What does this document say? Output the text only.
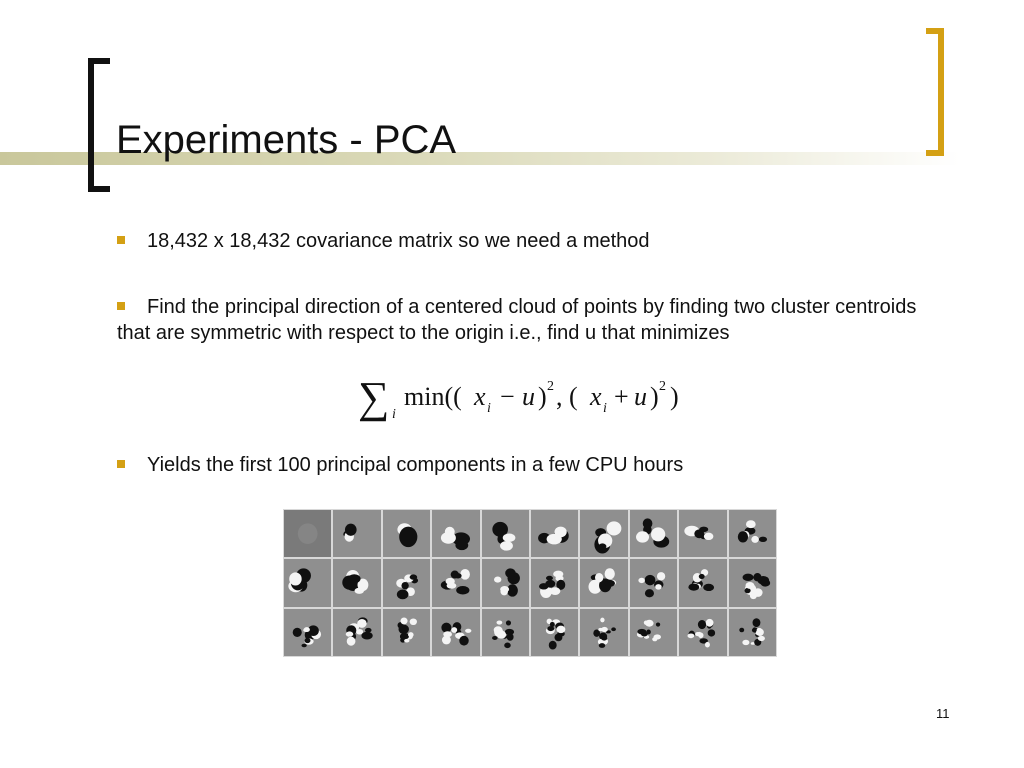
Experiments - PCA
18,432 x 18,432 covariance matrix so we need a method
Find the principal direction of a centered cloud of points by finding two cluster centroids that are symmetric with respect to the origin i.e., find u that minimizes
∑ i
min(( x i − u ) 2 , ( x i + u ) 2 )
Yields the first 100 principal components in a few CPU hours
11
